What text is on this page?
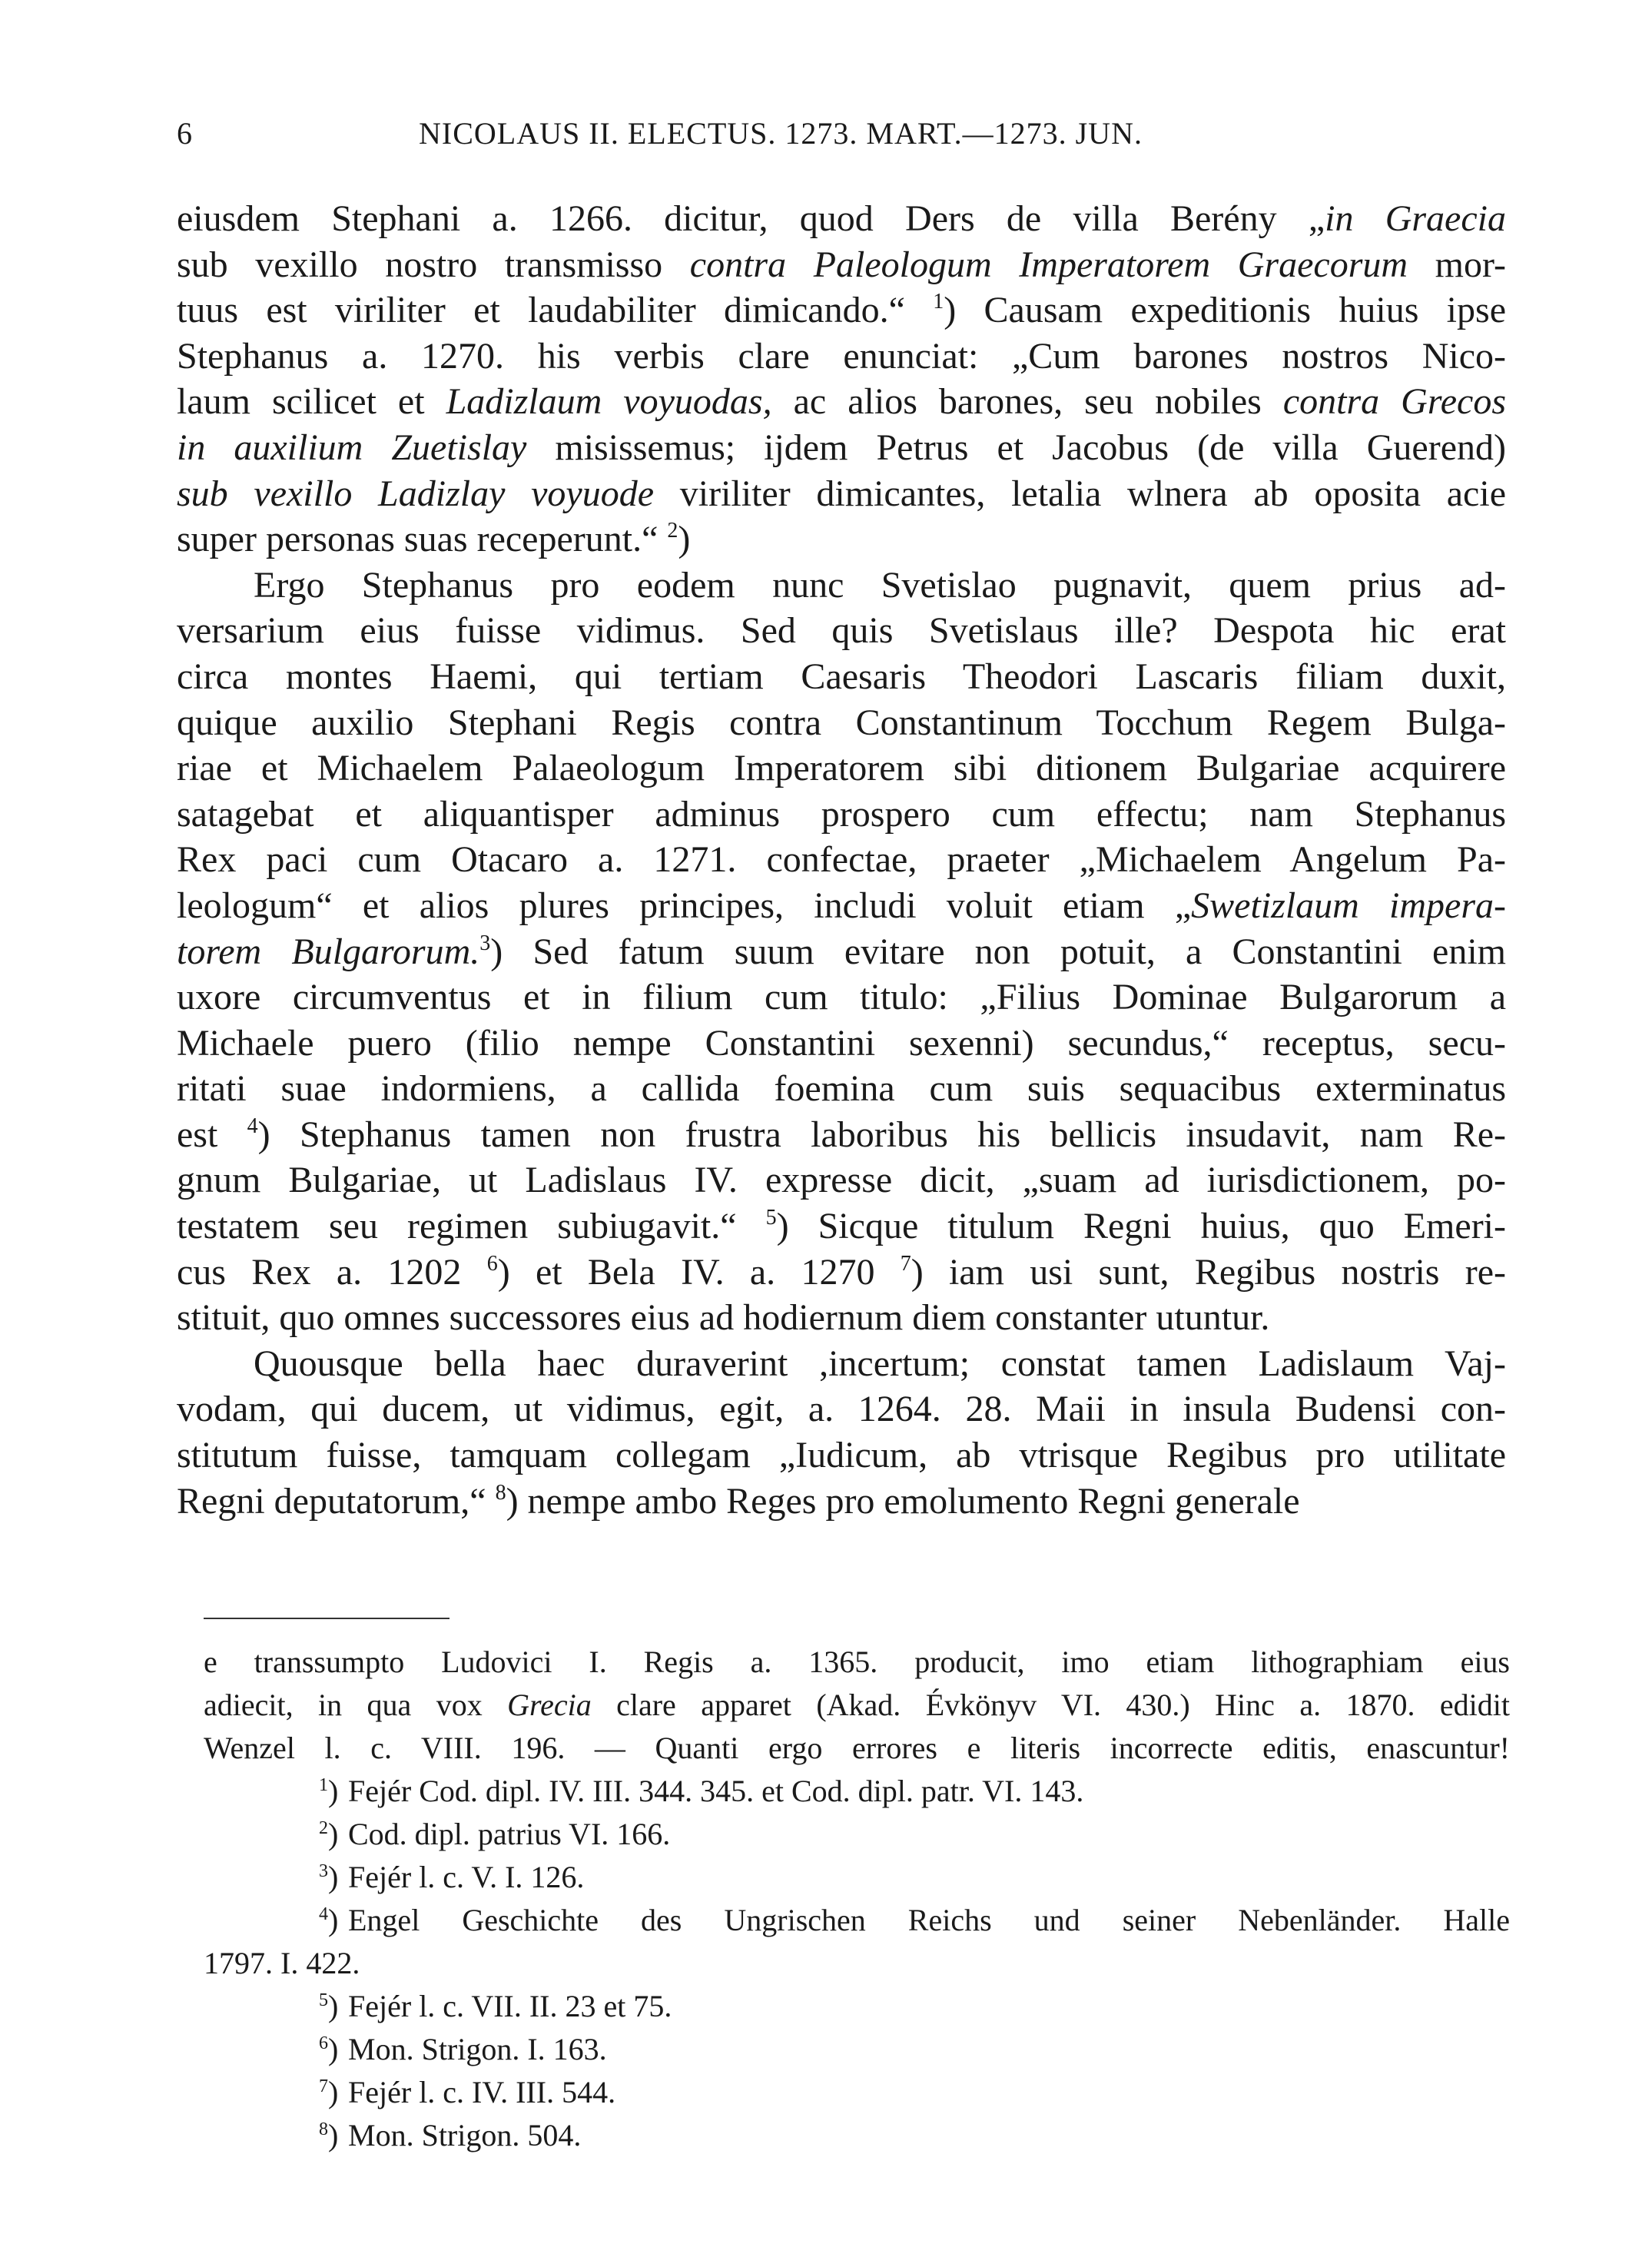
6	NICOLAUS II. ELECTUS. 1273. MART.—1273. JUN.

eiusdem Stephani a. 1266. dicitur, quod Ders de villa Berény „in Graecia

sub vexillo nostro transmisso contra Paleologum Imperatorem Graecorum mor-

tuus est viriliter et laudabiliter dimicando.“ $^1$) Causam expeditionis huius ipse

Stephanus a. 1270. his verbis clare enunciat: „Cum barones nostros Nico-

laum scilicet et Ladizlaum voyuodas, ac alios barones, seu nobiles contra Grecos

in auxilium Zuetislay misissemus; ijdem Petrus et Jacobus (de villa Guerend)

sub vexillo Ladizlay voyuode viriliter dimicantes, letalia wlnera ab oposita acie

super personas suas receperunt.“ $^2$)

Ergo Stephanus pro eodem nunc Svetislao pugnavit, quem prius ad-

versarium eius fuisse vidimus. Sed quis Svetislaus ille? Despota hic erat

circa montes Haemi, qui tertiam Caesaris Theodori Lascaris filiam duxit,

quique auxilio Stephani Regis contra Constantinum Tocchum Regem Bulga-

riae et Michaelem Palaeologum Imperatorem sibi ditionem Bulgariae acquirere

satagebat et aliquantisper adminus prospero cum effectu; nam Stephanus

Rex paci cum Otacaro a. 1271. confectae, praeter „Michaelem Angelum Pa-

leologum“ et alios plures principes, includi voluit etiam „Swetizlaum impera-

torem Bulgarorum.$^3$) Sed fatum suum evitare non potuit, a Constantini enim

uxore circumventus et in filium cum titulo: „Filius Dominae Bulgarorum a

Michaele puero (filio nempe Constantini sexenni) secundus,“ receptus, secu-

ritati suae indormiens, a callida foemina cum suis sequacibus exterminatus

est $^4$) Stephanus tamen non frustra laboribus his bellicis insudavit, nam Re-

gnum Bulgariae, ut Ladislaus IV. expresse dicit, „suam ad iurisdictionem, po-

testatem seu regimen subiugavit.“ $^5$) Sicque titulum Regni huius, quo Emeri-

cus Rex a. 1202 $^6$) et Bela IV. a. 1270 $^7$) iam usi sunt, Regibus nostris re-

stituit, quo omnes successores eius ad hodiernum diem constanter utuntur.

Quousque bella haec duraverint ,incertum; constat tamen Ladislaum Vaj-

vodam, qui ducem, ut vidimus, egit, a. 1264. 28. Maii in insula Budensi con-

stitutum fuisse, tamquam collegam „Iudicum, ab vtrisque Regibus pro utilitate

Regni deputatorum,“ $^8$) nempe ambo Reges pro emolumento Regni generale

e transsumpto Ludovici I. Regis a. 1365. producit, imo etiam lithographiam eius

adiecit, in qua vox Grecia clare apparet (Akad. Évkönyv VI. 430.) Hinc a. 1870. edidit

Wenzel l. c. VIII. 196. — Quanti ergo errores e literis incorrecte editis, enascuntur!

$^1$)Fejér Cod. dipl. IV. III. 344. 345. et Cod. dipl. patr. VI. 143.

$^2$)Cod. dipl. patrius VI. 166.

$^3$)Fejér l. c. V. I. 126.

$^4$)Engel Geschichte des Ungrischen Reichs und seiner Nebenländer. Halle

1797. I. 422.

$^5$)Fejér l. c. VII. II. 23 et 75.

$^6$)Mon. Strigon. I. 163.

$^7$)Fejér l. c. IV. III. 544.

$^8$)Mon. Strigon. 504.
